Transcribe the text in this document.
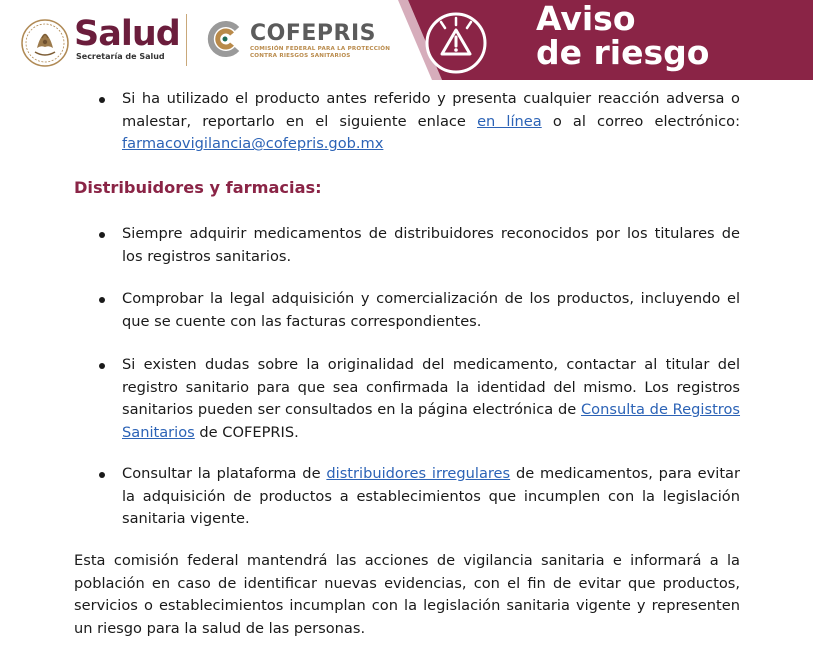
Salud
Secretaría de Salud
COFEPRIS
COMISIÓN FEDERAL PARA LA PROTECCIÓN
CONTRA RIESGOS SANITARIOS
Aviso
de riesgo
Si ha utilizado el producto antes referido y presenta cualquier reacción adversa o malestar, reportarlo en el siguiente enlace en línea o al correo electrónico: farmacovigilancia@cofepris.gob.mx
Distribuidores y farmacias:
Siempre adquirir medicamentos de distribuidores reconocidos por los titulares de los registros sanitarios.
Comprobar la legal adquisición y comercialización de los productos, incluyendo el que se cuente con las facturas correspondientes.
Si existen dudas sobre la originalidad del medicamento, contactar al titular del registro sanitario para que sea confirmada la identidad del mismo. Los registros sanitarios pueden ser consultados en la página electrónica de Consulta de Registros Sanitarios de COFEPRIS.
Consultar la plataforma de distribuidores irregulares de medicamentos, para evitar la adquisición de productos a establecimientos que incumplen con la legislación sanitaria vigente.
Esta comisión federal mantendrá las acciones de vigilancia sanitaria e informará a la población en caso de identificar nuevas evidencias, con el fin de evitar que productos, servicios o establecimientos incumplan con la legislación sanitaria vigente y representen un riesgo para la salud de las personas.
